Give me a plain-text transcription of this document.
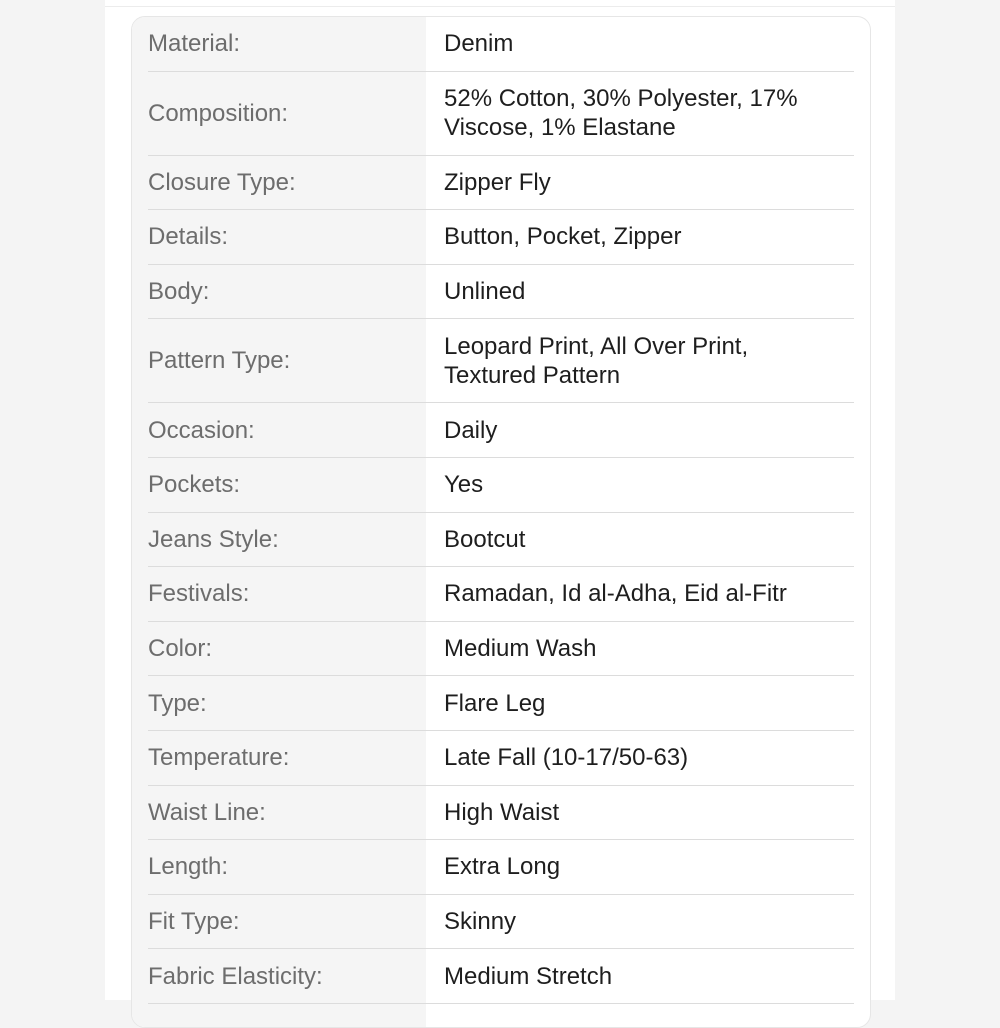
Material:	Denim
Composition:
52% Cotton, 30% Polyester, 17% Viscose, 1% Elastane
Closure Type:	Zipper Fly
Details:	Button, Pocket, Zipper
Body:	Unlined
Pattern Type:
Leopard Print, All Over Print, Textured Pattern
Occasion:	Daily
Pockets:	Yes
Jeans Style:	Bootcut
Festivals:	Ramadan, Id al-Adha, Eid al-Fitr
Color:	Medium Wash
Type:	Flare Leg
Temperature:	Late Fall (10-17/50-63)
Waist Line:	High Waist
Length:	Extra Long
Fit Type:	Skinny
Fabric Elasticity:	Medium Stretch
